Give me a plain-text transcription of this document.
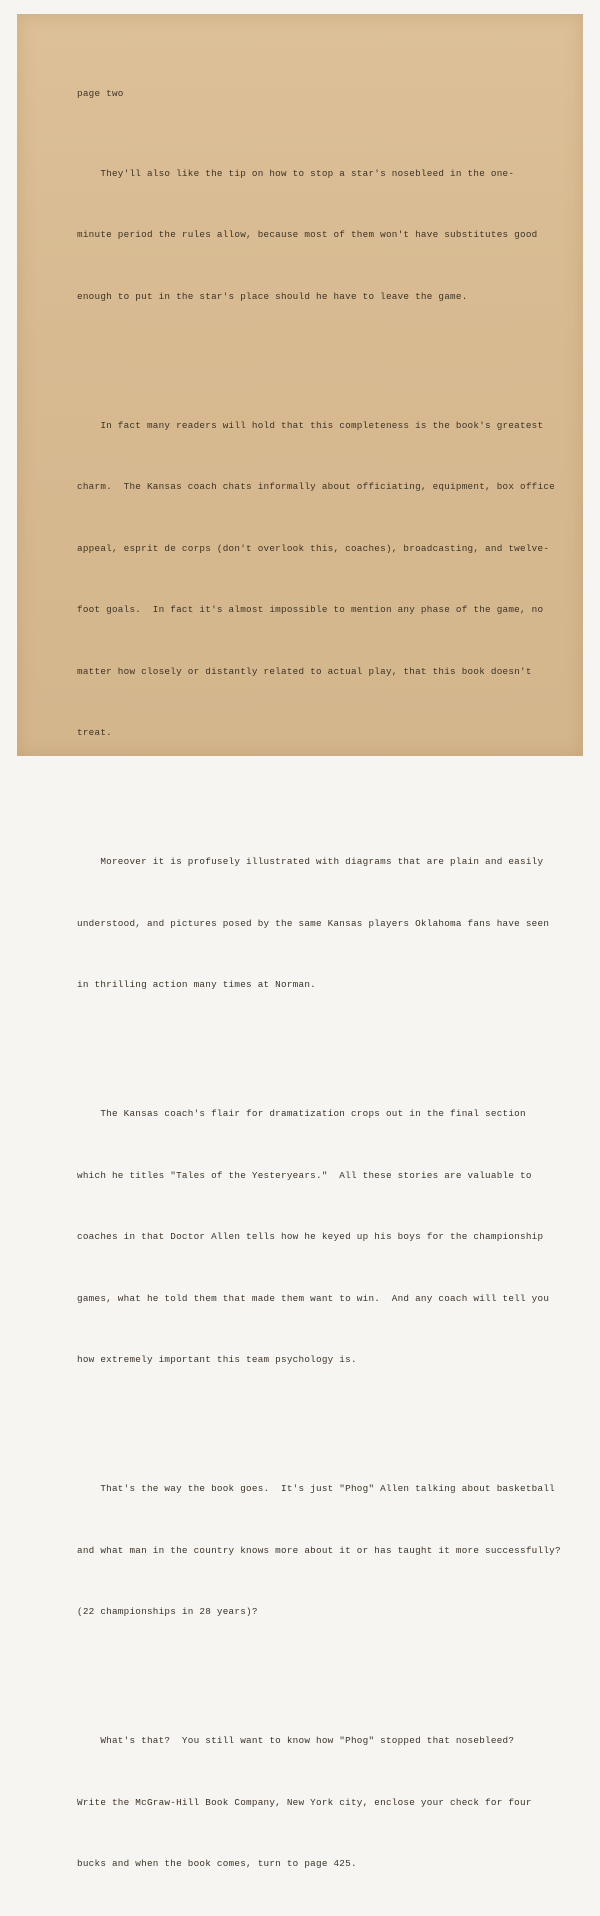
page two

They'll also like the tip on how to stop a star's nosebleed in the one-

minute period the rules allow, because most of them won't have substitutes good

enough to put in the star's place should he have to leave the game.

In fact many readers will hold that this completeness is the book's greatest

charm.  The Kansas coach chats informally about officiating, equipment, box office

appeal, esprit de corps (don't overlook this, coaches), broadcasting, and twelve-

foot goals.  In fact it's almost impossible to mention any phase of the game, no

matter how closely or distantly related to actual play, that this book doesn't

treat.

Moreover it is profusely illustrated with diagrams that are plain and easily

understood, and pictures posed by the same Kansas players Oklahoma fans have seen

in thrilling action many times at Norman.

The Kansas coach's flair for dramatization crops out in the final section

which he titles "Tales of the Yesteryears."  All these stories are valuable to

coaches in that Doctor Allen tells how he keyed up his boys for the championship

games, what he told them that made them want to win.  And any coach will tell you

how extremely important this team psychology is.

That's the way the book goes.  It's just "Phog" Allen talking about basketball

and what man in the country knows more about it or has taught it more successfully?

(22 championships in 28 years)?

What's that?  You still want to know how "Phog" stopped that nosebleed?

Write the McGraw-Hill Book Company, New York city, enclose your check for four

bucks and when the book comes, turn to page 425.
